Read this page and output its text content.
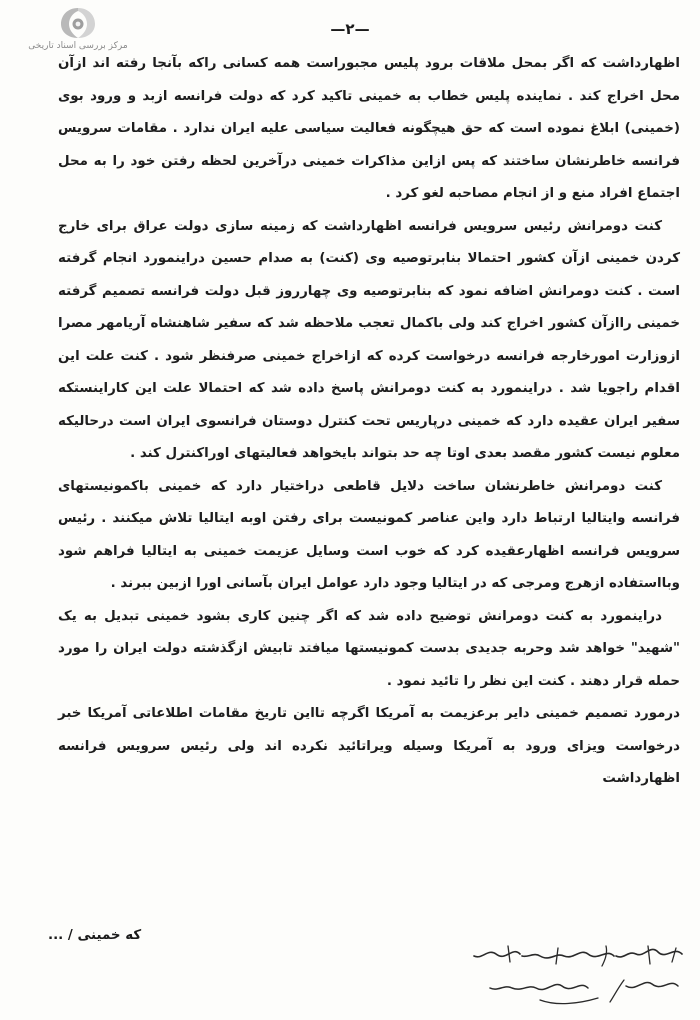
مرکز بررسی اسناد تاریخی
—۲—

اظهارداشت که اگر بمحل ملاقات برود پلیس مجبوراست همه کسانی راکه بآنجا رفته اند ازآن محل اخراج کند . نماینده پلیس خطاب به خمینی تاکید کرد که دولت فرانسه ازبد و ورود بوی (خمینی) ابلاغ نموده است که حق هیچگونه فعالیت سیاسی علیه ایران ندارد . مقامات سرویس فرانسه خاطرنشان ساختند که پس ازاین مذاکرات خمینی درآخرین لحظه رفتن خود را به محل اجتماع افراد منع و از انجام مصاحبه لغو کرد .

کنت دومرانش رئیس سرویس فرانسه اظهارداشت که زمینه سازی دولت عراق برای خارج کردن خمینی ازآن کشور احتمالا بنابرتوصیه وی (کنت) به صدام حسین دراینمورد انجام گرفته است . کنت دومرانش اضافه نمود که بنابرتوصیه وی چهارروز قبل دولت فرانسه تصمیم گرفته خمینی راازآن کشور اخراج کند ولی باکمال تعجب ملاحظه شد که سفیر شاهنشاه آریامهر مصرا ازوزارت امورخارجه فرانسه درخواست کرده که ازاخراج خمینی صرفنظر شود . کنت علت این اقدام راجویا شد . دراینمورد به کنت دومرانش پاسخ داده شد که احتمالا علت این کاراینستکه سفیر ایران عقیده دارد که خمینی درپاریس تحت کنترل دوستان فرانسوی ایران است درحالیکه معلوم نیست کشور مقصد بعدی اوتا چه حد بتواند بایخواهد فعالیتهای اوراکنترل کند .

کنت دومرانش خاطرنشان ساخت دلایل قاطعی دراختیار دارد که خمینی باکمونیستهای فرانسه وایتالیا ارتباط دارد واین عناصر کمونیست برای رفتن اوبه ایتالیا تلاش میکنند . رئیس سرویس فرانسه اظهارعقیده کرد که خوب است وسایل عزیمت خمینی به ایتالیا فراهم شود وبااستفاده ازهرج ومرجی که در ایتالیا وجود دارد عوامل ایران بآسانی اورا ازبین ببرند .

دراینمورد به کنت دومرانش توضیح داده شد که اگر چنین کاری بشود خمینی تبدیل به یک "شهید" خواهد شد وحربه جدیدی بدست کمونیستها میافتد تابیش ازگذشته دولت ایران را مورد حمله قرار دهند . کنت این نظر را تائید نمود .

درمورد تصمیم خمینی دایر برعزیمت به آمریکا اگرچه تااین تاریخ مقامات اطلاعاتی آمریکا خبر درخواست ویزای ورود به آمریکا وسیله ویراتائید نکرده اند ولی رئیس سرویس فرانسه اظهارداشت

که خمینی / ...
